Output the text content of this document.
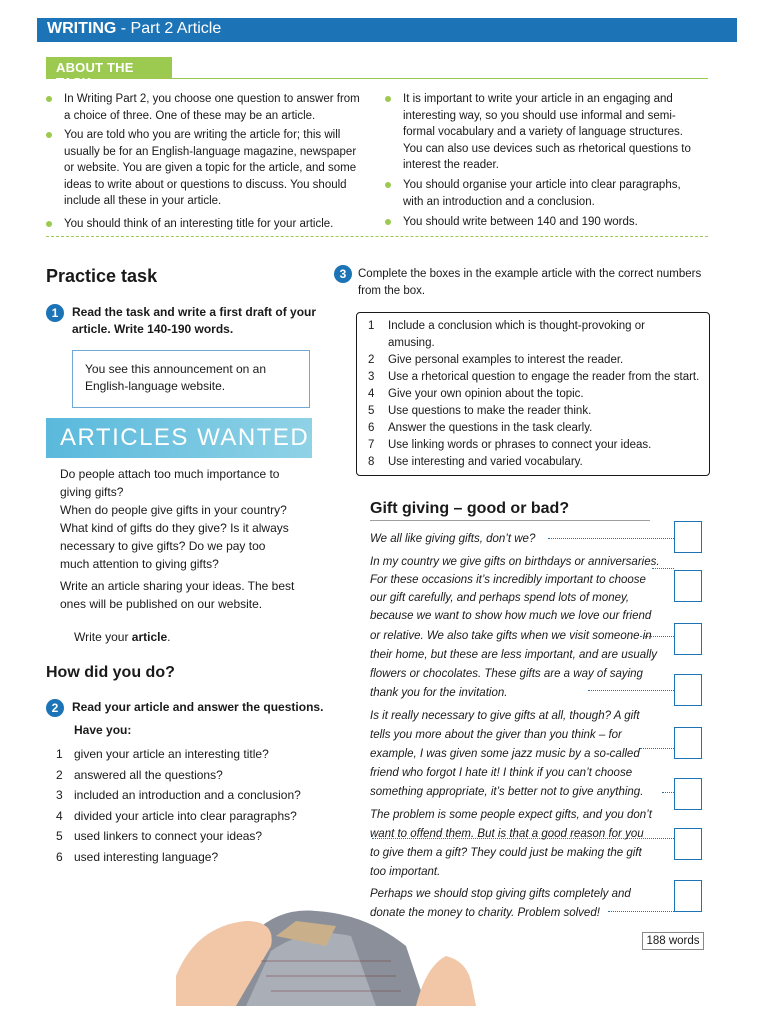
WRITING - Part 2 Article
ABOUT THE TASK
In Writing Part 2, you choose one question to answer from
a choice of three. One of these may be an article.
You are told who you are writing the article for; this will
usually be for an English-language magazine, newspaper
or website. You are given a topic for the article, and some
ideas to write about or questions to discuss. You should
include all these in your article.
You should think of an interesting title for your article.
It is important to write your article in an engaging and
interesting way, so you should use informal and semi-
formal vocabulary and a variety of language structures.
You can also use devices such as rhetorical questions to
interest the reader.
You should organise your article into clear paragraphs,
with an introduction and a conclusion.
You should write between 140 and 190 words.
Practice task
1	Read the task and write a first draft of your
article. Write 140-190 words.
You see this announcement on an English-language website.
ARTICLES WANTED
Do people attach too much importance to
giving gifts?
When do people give gifts in your country?
What kind of gifts do they give? Is it always
necessary to give gifts? Do we pay too
much attention to giving gifts?
Write an article sharing your ideas. The best
ones will be published on our website.
Write your article.
How did you do?
2	Read your article and answer the questions.
Have you:
1 given your article an interesting title?
2 answered all the questions?
3 included an introduction and a conclusion?
4 divided your article into clear paragraphs?
5 used linkers to connect your ideas?
6 used interesting language?
3	Complete the boxes in the example article with the correct numbers
from the box.
1	Include a conclusion which is thought-provoking or
amusing.
2	Give personal examples to interest the reader.
3	Use a rhetorical question to engage the reader from the start.
4	Give your own opinion about the topic.
5	Use questions to make the reader think.
6	Answer the questions in the task clearly.
7	Use linking words or phrases to connect your ideas.
8	Use interesting and varied vocabulary.
Gift giving – good or bad?
We all like giving gifts, don’t we?
In my country we give gifts on birthdays or anniversaries.
For these occasions it’s incredibly important to choose
our gift carefully, and perhaps spend lots of money,
because we want to show how much we love our friend
or relative. We also take gifts when we visit someone in
their home, but these are less important, and are usually
flowers or chocolates. These gifts are a way of saying
thank you for the invitation.
Is it really necessary to give gifts at all, though? A gift
tells you more about the giver than you think – for
example, I was given some jazz music by a so-called
friend who forgot I hate it! I think if you can’t choose
something appropriate, it’s better not to give anything.
The problem is some people expect gifts, and you don’t
want to offend them. But is that a good reason for you
to give them a gift? They could just be making the gift
too important.
Perhaps we should stop giving gifts completely and
donate the money to charity. Problem solved!
188 words
